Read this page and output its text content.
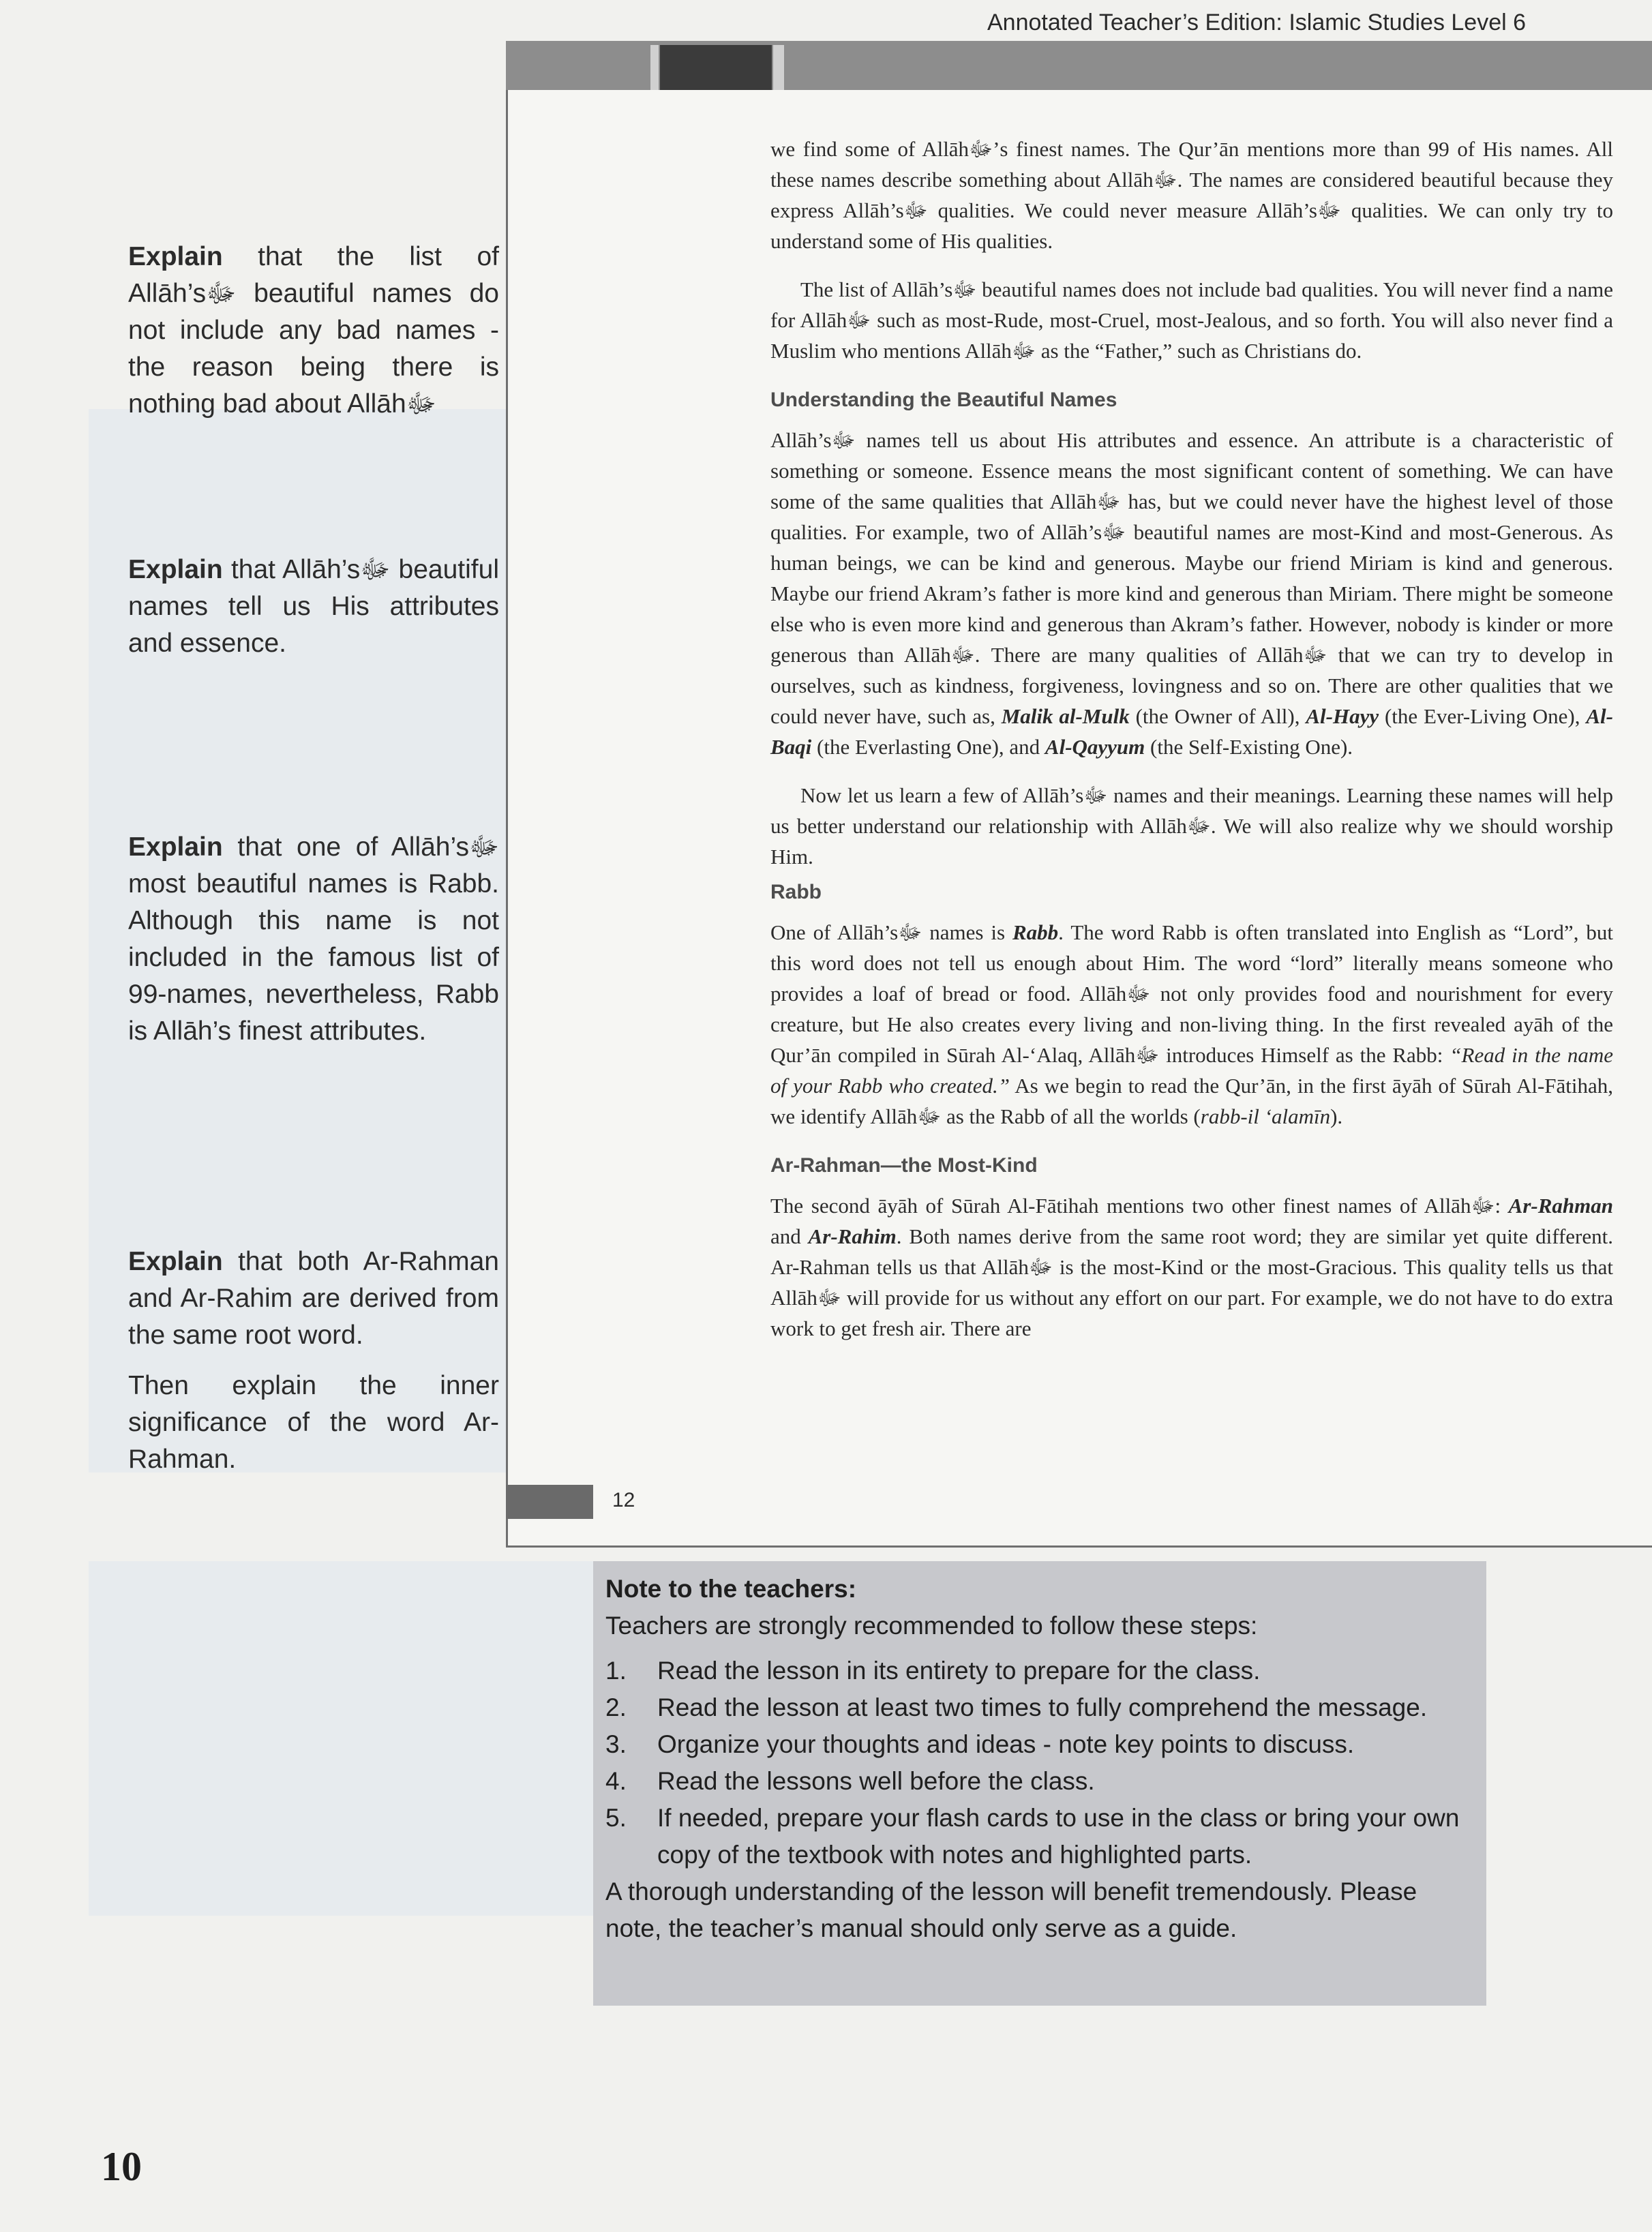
Annotated Teacher’s Edition: Islamic Studies Level 6

Explain that the list of Allāh’sﷻ beautiful names do not include any bad names - the reason being there is nothing bad about Allāhﷻ

Explain that Allāh’sﷻ beautiful names tell us His attributes and essence.

Explain that one of Allāh’sﷻ most beautiful names is Rabb. Although this name is not included in the famous list of 99-names, nevertheless, Rabb is Allāh’s finest attributes.

Explain that both Ar-Rahman and Ar-Rahim are derived from the same root word.

Then explain the inner significance of the word Ar-Rahman.

we find some of Allāhﷻ’s finest names. The Qur’ān mentions more than 99 of His names. All these names describe something about Allāhﷻ. The names are considered beautiful because they express Allāh’sﷻ qualities. We could never measure Allāh’sﷻ qualities. We can only try to understand some of His qualities.

The list of Allāh’sﷻ beautiful names does not include bad qualities. You will never find a name for Allāhﷻ such as most-Rude, most-Cruel, most-Jealous, and so forth. You will also never find a Muslim who mentions Allāhﷻ as the “Father,” such as Christians do.

Understanding the Beautiful Names

Allāh’sﷻ names tell us about His attributes and essence. An attribute is a characteristic of something or someone. Essence means the most significant content of something. We can have some of the same qualities that Allāhﷻ has, but we could never have the highest level of those qualities. For example, two of Allāh’sﷻ beautiful names are most-Kind and most-Generous. As human beings, we can be kind and generous. Maybe our friend Miriam is kind and generous. Maybe our friend Akram’s father is more kind and generous than Miriam. There might be someone else who is even more kind and generous than Akram’s father. However, nobody is kinder or more generous than Allāhﷻ. There are many qualities of Allāhﷻ that we can try to develop in ourselves, such as kindness, forgiveness, lovingness and so on. There are other qualities that we could never have, such as, Malik al-Mulk (the Owner of All), Al-Hayy (the Ever-Living One), Al-Baqi (the Everlasting One), and Al-Qayyum (the Self-Existing One).

Now let us learn a few of Allāh’sﷻ names and their meanings. Learning these names will help us better understand our relationship with Allāhﷻ. We will also realize why we should worship Him.

Rabb

One of Allāh’sﷻ names is Rabb. The word Rabb is often translated into English as “Lord”, but this word does not tell us enough about Him. The word “lord” literally means someone who provides a loaf of bread or food. Allāhﷻ not only provides food and nourishment for every creature, but He also creates every living and non-living thing. In the first revealed ayāh of the Qur’ān compiled in Sūrah Al-‘Alaq, Allāhﷻ introduces Himself as the Rabb: “Read in the name of your Rabb who created.” As we begin to read the Qur’ān, in the first āyāh of Sūrah Al-Fātihah, we identify Allāhﷻ as the Rabb of all the worlds (rabb-il ‘alamīn).

Ar-Rahman—the Most-Kind

The second āyāh of Sūrah Al-Fātihah mentions two other finest names of Allāhﷻ: Ar-Rahman and Ar-Rahim. Both names derive from the same root word; they are similar yet quite different. Ar-Rahman tells us that Allāhﷻ is the most-Kind or the most-Gracious. This quality tells us that Allāhﷻ will provide for us without any effort on our part. For example, we do not have to do extra work to get fresh air. There are

12
Note to the teachers:
Teachers are strongly recommended to follow these steps:
1. Read the lesson in its entirety to prepare for the class.
2. Read the lesson at least two times to fully comprehend the message.
3. Organize your thoughts and ideas - note key points to discuss.
4. Read the lessons well before the class.
5. If needed, prepare your flash cards to use in the class or bring your own copy of the textbook with notes and highlighted parts.
A thorough understanding of the lesson will benefit tremendously. Please note, the teacher’s manual should only serve as a guide.
10
